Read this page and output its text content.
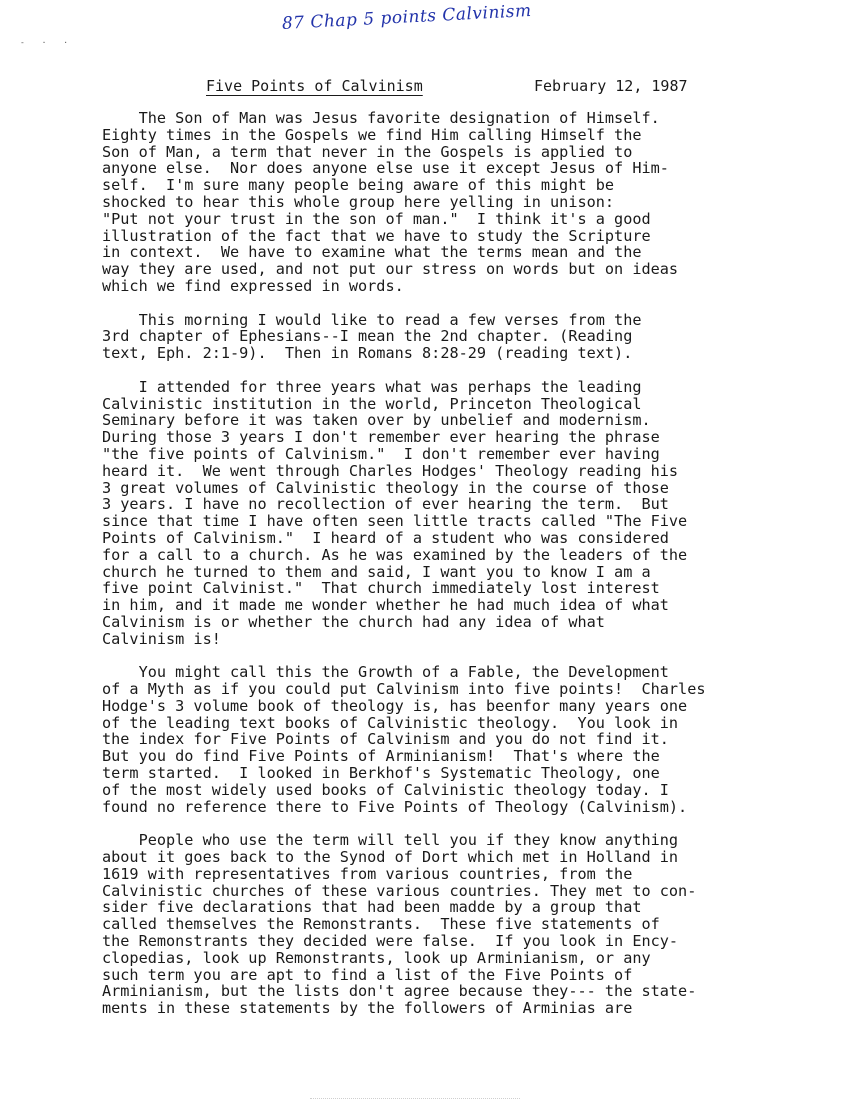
87 Chap 5 points Calvinism
- · ·
Five Points of Calvinism	February 12, 1987

The Son of Man was Jesus favorite designation of Himself.
Eighty times in the Gospels we find Him calling Himself the
Son of Man, a term that never in the Gospels is applied to
anyone else.  Nor does anyone else use it except Jesus of Him-
self.  I'm sure many people being aware of this might be
shocked to hear this whole group here yelling in unison:
"Put not your trust in the son of man."  I think it's a good
illustration of the fact that we have to study the Scripture
in context.  We have to examine what the terms mean and the
way they are used, and not put our stress on words but on ideas
which we find expressed in words.

This morning I would like to read a few verses from the
3rd chapter of Ephesians--I mean the 2nd chapter. (Reading
text, Eph. 2:1-9).  Then in Romans 8:28-29 (reading text).

I attended for three years what was perhaps the leading
Calvinistic institution in the world, Princeton Theological
Seminary before it was taken over by unbelief and modernism.
During those 3 years I don't remember ever hearing the phrase
"the five points of Calvinism."  I don't remember ever having
heard it.  We went through Charles Hodges' Theology reading his
3 great volumes of Calvinistic theology in the course of those
3 years. I have no recollection of ever hearing the term.  But
since that time I have often seen little tracts called "The Five
Points of Calvinism."  I heard of a student who was considered
for a call to a church. As he was examined by the leaders of the
church he turned to them and said, I want you to know I am a
five point Calvinist."  That church immediately lost interest
in him, and it made me wonder whether he had much idea of what
Calvinism is or whether the church had any idea of what
Calvinism is!

You might call this the Growth of a Fable, the Development
of a Myth as if you could put Calvinism into five points!  Charles
Hodge's 3 volume book of theology is, has beenfor many years one
of the leading text books of Calvinistic theology.  You look in
the index for Five Points of Calvinism and you do not find it.
But you do find Five Points of Arminianism!  That's where the
term started.  I looked in Berkhof's Systematic Theology, one
of the most widely used books of Calvinistic theology today. I
found no reference there to Five Points of Theology (Calvinism).

People who use the term will tell you if they know anything
about it goes back to the Synod of Dort which met in Holland in
1619 with representatives from various countries, from the
Calvinistic churches of these various countries. They met to con-
sider five declarations that had been madde by a group that
called themselves the Remonstrants.  These five statements of
the Remonstrants they decided were false.  If you look in Ency-
clopedias, look up Remonstrants, look up Arminianism, or any
such term you are apt to find a list of the Five Points of
Arminianism, but the lists don't agree because they--- the state-
ments in these statements by the followers of Arminias are
